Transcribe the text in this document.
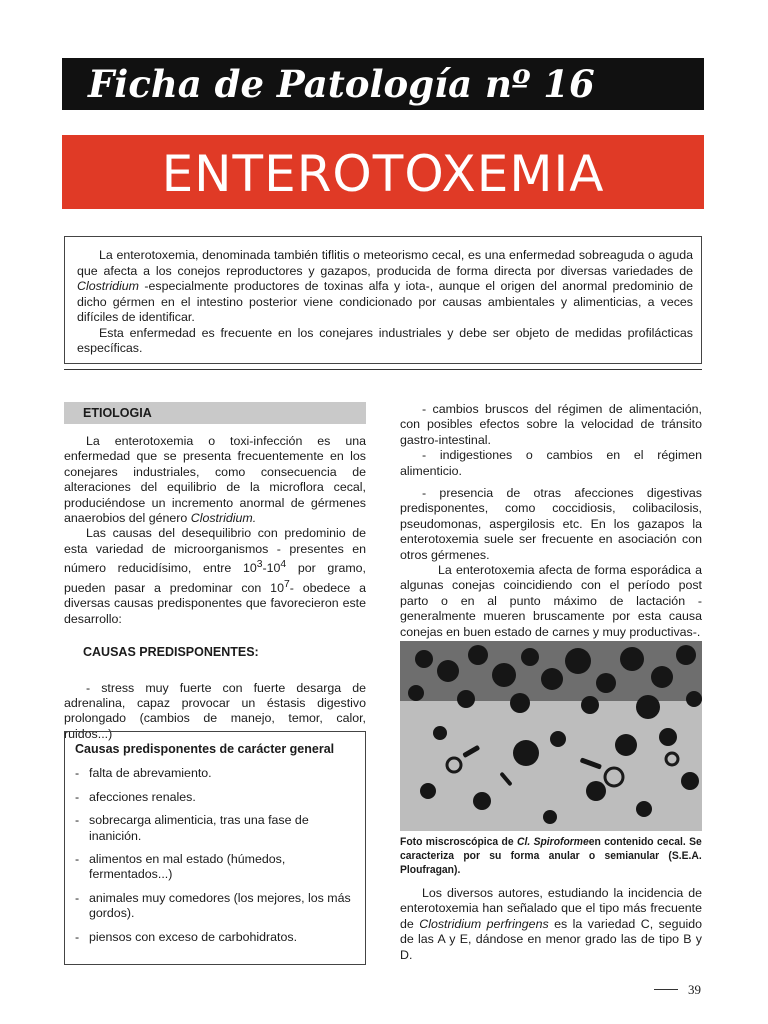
Ficha de Patología nº 16
ENTEROTOXEMIA

La enterotoxemia, denominada también tiflitis o meteorismo cecal, es una enfermedad sobreaguda o aguda que afecta a los conejos reproductores y gazapos, producida de forma directa por diversas variedades de Clostridium -especialmente productores de toxinas alfa y iota-, aunque el origen del anormal predominio de dicho gérmen en el intestino posterior viene condicionado por causas ambientales y alimenticias, a veces difíciles de identificar.

Esta enfermedad es frecuente en los conejares industriales y debe ser objeto de medidas profilácticas específicas.

ETIOLOGIA

La enterotoxemia o toxi-infección es una enfermedad que se presenta frecuentemente en los conejares industriales, como consecuencia de alteraciones del equilibrio de la microflora cecal, produciéndose un incremento anormal de gérmenes anaerobios del género Clostridium.

Las causas del desequilibrio con predominio de esta variedad de microorganismos - presentes en número reducidísimo, entre $10^3-10^4$ por gramo, pueden pasar a predominar con $10^7-$ obedece a diversas causas predisponentes que favorecieron este desarrollo:

CAUSAS PREDISPONENTES:

- stress muy fuerte con fuerte desarga de adrenalina, capaz provocar un éstasis digestivo prolongado (cambios de manejo, temor, calor, ruidos...)

Causas predisponentes de carácter general
- falta de abrevamiento.
- afecciones renales.
- sobrecarga alimenticia, tras una fase de inanición.
- alimentos en mal estado (húmedos, fermentados...)
- animales muy comedores (los mejores, los más gordos).
- piensos con exceso de carbohidratos.

- cambios bruscos del régimen de alimentación, con posibles efectos sobre la velocidad de tránsito gastro-intestinal.

- indigestiones o cambios en el régimen alimenticio.

- presencia de otras afecciones digestivas predisponentes, como coccidiosis, colibacilosis, pseudomonas, aspergilosis etc. En los gazapos la enterotoxemia suele ser frecuente en asociación con otros gérmenes.

La enterotoxemia afecta de forma esporádica a algunas conejas coincidiendo con el período post parto o en al punto máximo de lactación -generalmente mueren bruscamente por esta causa conejas en buen estado de carnes y muy productivas-.

Foto miscroscópica de Cl. Spiroformeen contenido cecal. Se caracteriza por su forma anular o semianular (S.E.A. Ploufragan).

Los diversos autores, estudiando la incidencia de enterotoxemia han señalado que el tipo más frecuente de Clostridium perfringens es la variedad C, seguido de las A y E, dándose en menor grado las de tipo B y D.

39
